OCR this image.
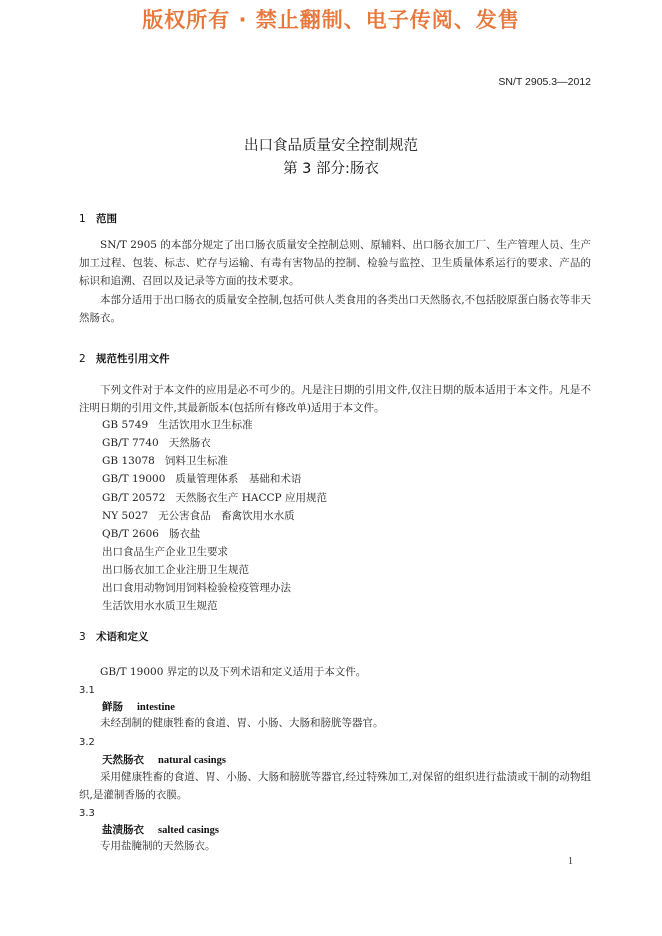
版权所有 · 禁止翻制、电子传阅、发售
SN/T 2905.3—2012
出口食品质量安全控制规范
第 3 部分:肠衣
1 范围

SN/T 2905 的本部分规定了出口肠衣质量安全控制总则、原辅料、出口肠衣加工厂、生产管理人员、生产加工过程、包装、标志、贮存与运输、有毒有害物品的控制、检验与监控、卫生质量体系运行的要求、产品的标识和追溯、召回以及记录等方面的技术要求。

本部分适用于出口肠衣的质量安全控制,包括可供人类食用的各类出口天然肠衣,不包括胶原蛋白肠衣等非天然肠衣。

2 规范性引用文件

下列文件对于本文件的应用是必不可少的。凡是注日期的引用文件,仅注日期的版本适用于本文件。凡是不注明日期的引用文件,其最新版本(包括所有修改单)适用于本文件。

GB 5749 生活饮用水卫生标准
GB/T 7740 天然肠衣
GB 13078 饲料卫生标准
GB/T 19000 质量管理体系　基础和术语
GB/T 20572 天然肠衣生产 HACCP 应用规范
NY 5027 无公害食品　畜禽饮用水水质
QB/T 2606 肠衣盐
出口食品生产企业卫生要求
出口肠衣加工企业注册卫生规范
出口食用动物饲用饲料检验检疫管理办法
生活饮用水水质卫生规范
3 术语和定义

GB/T 19000 界定的以及下列术语和定义适用于本文件。

3.1
鲜肠 intestine

未经刮制的健康牲畜的食道、胃、小肠、大肠和膀胱等器官。

3.2
天然肠衣 natural casings

采用健康牲畜的食道、胃、小肠、大肠和膀胱等器官,经过特殊加工,对保留的组织进行盐渍或干制的动物组织,是灌制香肠的衣膜。

3.3
盐渍肠衣 salted casings

专用盐腌制的天然肠衣。

1
